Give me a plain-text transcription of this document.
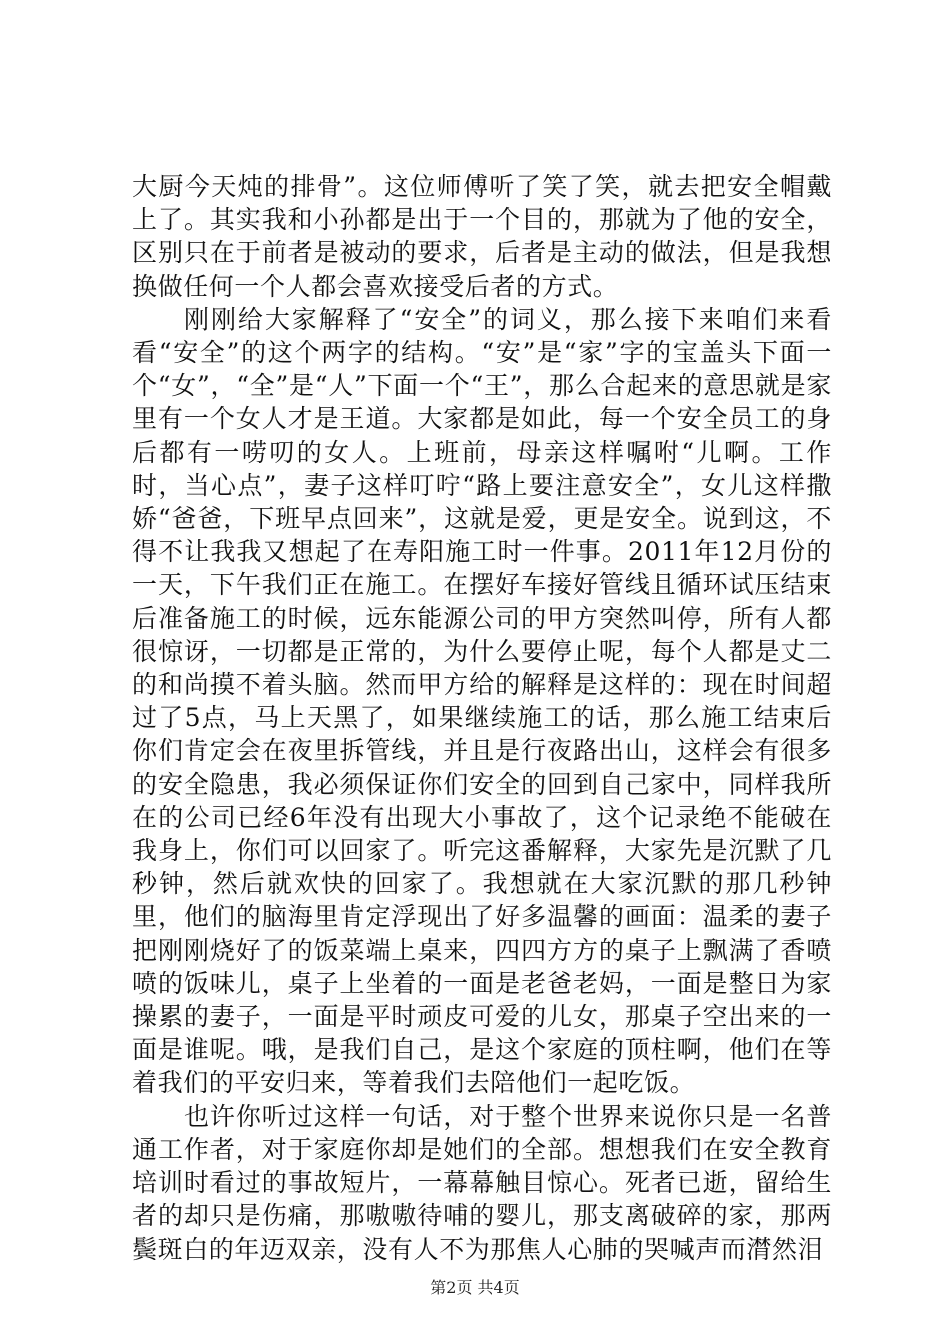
大厨今天炖的排骨”。这位师傅听了笑了笑，就去把安全帽戴上了。其实我和小孙都是出于一个目的，那就为了他的安全，区别只在于前者是被动的要求，后者是主动的做法，但是我想换做任何一个人都会喜欢接受后者的方式。

刚刚给大家解释了“安全”的词义，那么接下来咱们来看看“安全”的这个两字的结构。“安”是“家”字的宝盖头下面一个“女”，“全”是“人”下面一个“王”，那么合起来的意思就是家里有一个女人才是王道。大家都是如此，每一个安全员工的身后都有一唠叨的女人。上班前，母亲这样嘱咐“儿啊。工作时，当心点”，妻子这样叮咛“路上要注意安全”，女儿这样撒娇“爸爸，下班早点回来”，这就是爱，更是安全。说到这，不得不让我我又想起了在寿阳施工时一件事。2011年12月份的一天，下午我们正在施工。在摆好车接好管线且循环试压结束后准备施工的时候，远东能源公司的甲方突然叫停，所有人都很惊讶，一切都是正常的，为什么要停止呢，每个人都是丈二的和尚摸不着头脑。然而甲方给的解释是这样的：现在时间超过了5点，马上天黑了，如果继续施工的话，那么施工结束后你们肯定会在夜里拆管线，并且是行夜路出山，这样会有很多的安全隐患，我必须保证你们安全的回到自己家中，同样我所在的公司已经6年没有出现大小事故了，这个记录绝不能破在我身上，你们可以回家了。听完这番解释，大家先是沉默了几秒钟，然后就欢快的回家了。我想就在大家沉默的那几秒钟里，他们的脑海里肯定浮现出了好多温馨的画面：温柔的妻子把刚刚烧好了的饭菜端上桌来，四四方方的桌子上飘满了香喷喷的饭味儿，桌子上坐着的一面是老爸老妈，一面是整日为家操累的妻子，一面是平时顽皮可爱的儿女，那桌子空出来的一面是谁呢。哦，是我们自己，是这个家庭的顶柱啊，他们在等着我们的平安归来，等着我们去陪他们一起吃饭。

也许你听过这样一句话，对于整个世界来说你只是一名普通工作者，对于家庭你却是她们的全部。想想我们在安全教育培训时看过的事故短片，一幕幕触目惊心。死者已逝，留给生者的却只是伤痛，那嗷嗷待哺的婴儿，那支离破碎的家，那两鬓斑白的年迈双亲，没有人不为那焦人心肺的哭喊声而潸然泪

第2页 共4页
